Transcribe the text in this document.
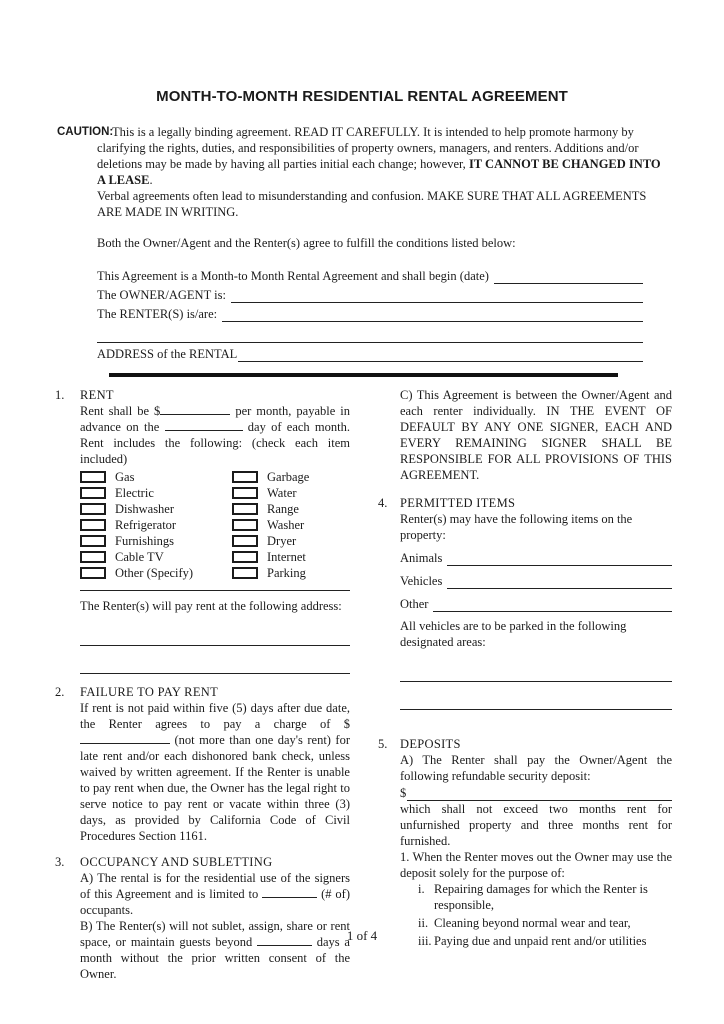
MONTH-TO-MONTH RESIDENTIAL RENTAL AGREEMENT
CAUTION:

This is a legally binding agreement. READ IT CAREFULLY. It is intended to help promote harmony by clarifying the rights, duties, and responsibilities of property owners, managers, and renters. Additions and/or deletions may be made by having all parties initial each change; however, IT CANNOT BE CHANGED INTO A LEASE.

Verbal agreements often lead to misunderstanding and confusion. MAKE SURE THAT ALL AGREEMENTS ARE MADE IN WRITING.

Both the Owner/Agent and the Renter(s) agree to fulfill the conditions listed below:

This Agreement is a Month-to Month Rental Agreement and shall begin (date)
The OWNER/AGENT is:
The RENTER(S) is/are:
ADDRESS of the RENTAL
1.	RENT

Rent shall be $	per month, payable in advance on the	day of each month. Rent includes the following: (check each item included)

Gas	Garbage
Electric	Water
Dishwasher	Range
Refrigerator	Washer
Furnishings	Dryer
Cable TV	Internet
Other (Specify)	Parking

The Renter(s) will pay rent at the following address:

2.	FAILURE TO PAY RENT

If rent is not paid within five (5) days after due date, the Renter agrees to pay a charge of $  (not more than one day's rent) for late rent and/or each dishonored bank check, unless waived by written agreement. If the Renter is unable to pay rent when due, the Owner has the legal right to serve notice to pay rent or vacate within three (3) days, as provided by California Code of Civil Procedures Section 1161.

3.	OCCUPANCY AND SUBLETTING

A) The rental is for the residential use of the signers of this Agreement and is limited to	(# of) occupants.

B) The Renter(s) will not sublet, assign, share or rent space, or maintain guests beyond	days a month without the prior written consent of the Owner.

C) This Agreement is between the Owner/Agent and each renter individually. IN THE EVENT OF DEFAULT BY ANY ONE SIGNER, EACH AND EVERY REMAINING SIGNER SHALL BE RESPONSIBLE FOR ALL PROVISIONS OF THIS AGREEMENT.

4.	PERMITTED ITEMS

Renter(s) may have the following items on the property:

Animals
Vehicles
Other

All vehicles are to be parked in the following designated areas:

5.	DEPOSITS

A) The Renter shall pay the Owner/Agent the following refundable security deposit:

$

which shall not exceed two months rent for unfurnished property and three months rent for furnished.

1. When the Renter moves out the Owner may use the deposit solely for the purpose of:

i. Repairing damages for which the Renter is responsible,
ii. Cleaning beyond normal wear and tear,
iii. Paying due and unpaid rent and/or utilities
1 of 4
